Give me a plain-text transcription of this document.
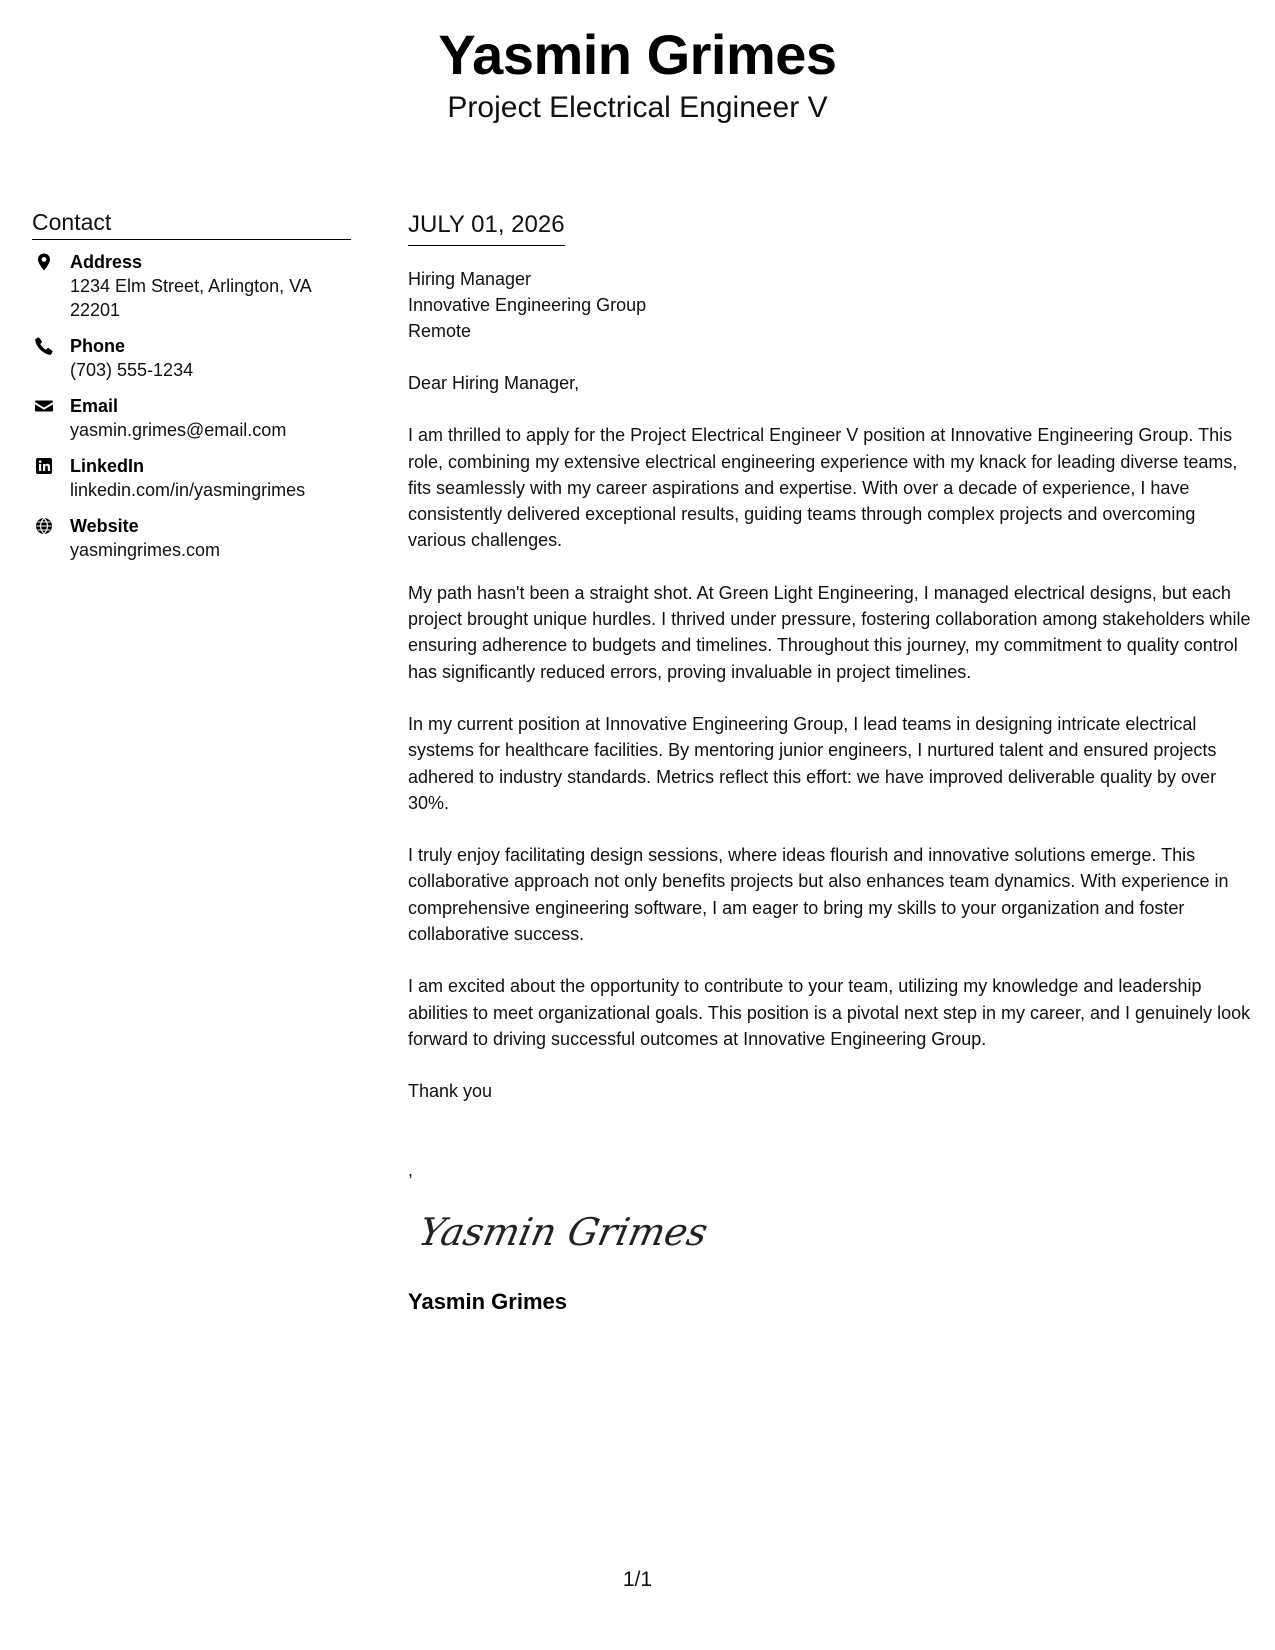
Yasmin Grimes
Project Electrical Engineer V
Contact
Address
1234 Elm Street, Arlington, VA 22201
Phone
(703) 555-1234
Email
yasmin.grimes@email.com
LinkedIn
linkedin.com/in/yasmingrimes
Website
yasmingrimes.com
JULY 01, 2026
Hiring Manager
Innovative Engineering Group
Remote

Dear Hiring Manager,

I am thrilled to apply for the Project Electrical Engineer V position at Innovative Engineering Group. This role, combining my extensive electrical engineering experience with my knack for leading diverse teams, fits seamlessly with my career aspirations and expertise. With over a decade of experience, I have consistently delivered exceptional results, guiding teams through complex projects and overcoming various challenges.

My path hasn't been a straight shot. At Green Light Engineering, I managed electrical designs, but each project brought unique hurdles. I thrived under pressure, fostering collaboration among stakeholders while ensuring adherence to budgets and timelines. Throughout this journey, my commitment to quality control has significantly reduced errors, proving invaluable in project timelines.

In my current position at Innovative Engineering Group, I lead teams in designing intricate electrical systems for healthcare facilities. By mentoring junior engineers, I nurtured talent and ensured projects adhered to industry standards. Metrics reflect this effort: we have improved deliverable quality by over 30%.

I truly enjoy facilitating design sessions, where ideas flourish and innovative solutions emerge. This collaborative approach not only benefits projects but also enhances team dynamics. With experience in comprehensive engineering software, I am eager to bring my skills to your organization and foster collaborative success.

I am excited about the opportunity to contribute to your team, utilizing my knowledge and leadership abilities to meet organizational goals. This position is a pivotal next step in my career, and I genuinely look forward to driving successful outcomes at Innovative Engineering Group.

Thank you

,
Yasmin Grimes
Yasmin Grimes
1/1
